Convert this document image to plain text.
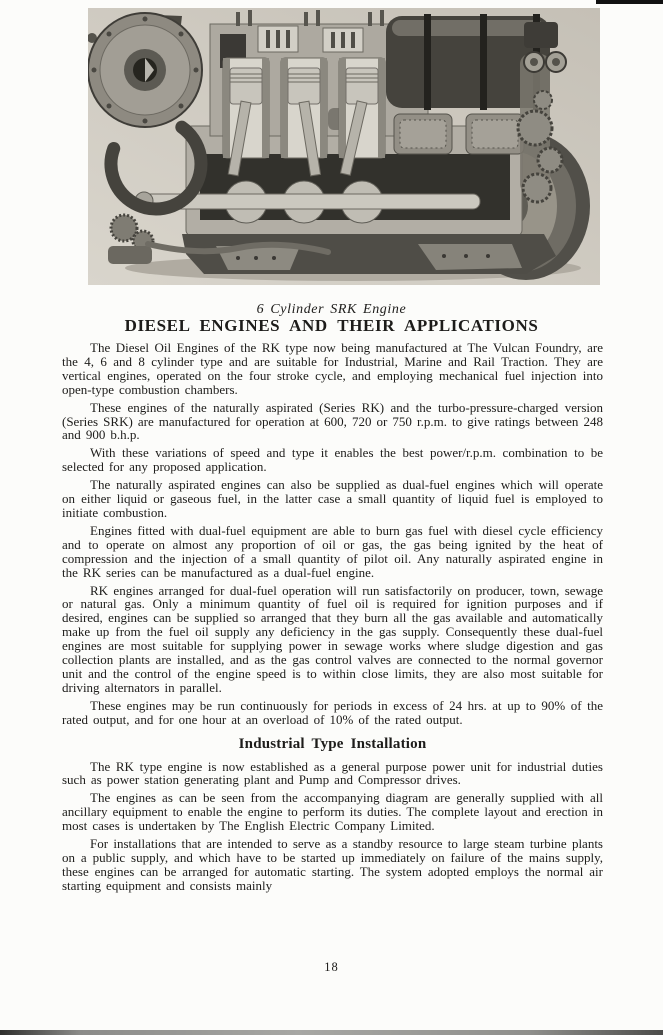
6 Cylinder SRK Engine

DIESEL ENGINES AND THEIR APPLICATIONS

The Diesel Oil Engines of the RK type now being manufactured at The Vulcan Foundry, are the 4, 6 and 8 cylinder type and are suitable for Industrial, Marine and Rail Traction. They are vertical engines, operated on the four stroke cycle, and employing mechanical fuel injection into open-type combustion chambers.

These engines of the naturally aspirated (Series RK) and the turbo-pressure-charged version (Series SRK) are manufactured for operation at 600, 720 or 750 r.p.m. to give ratings between 248 and 900 b.h.p.

With these variations of speed and type it enables the best power/r.p.m. combination to be selected for any proposed application.

The naturally aspirated engines can also be supplied as dual-fuel engines which will operate on either liquid or gaseous fuel, in the latter case a small quantity of liquid fuel is employed to initiate combustion.

Engines fitted with dual-fuel equipment are able to burn gas fuel with diesel cycle efficiency and to operate on almost any proportion of oil or gas, the gas being ignited by the heat of compression and the injection of a small quantity of pilot oil. Any naturally aspirated engine in the RK series can be manufactured as a dual-fuel engine.

RK engines arranged for dual-fuel operation will run satisfactorily on producer, town, sewage or natural gas. Only a minimum quantity of fuel oil is required for ignition purposes and if desired, engines can be supplied so arranged that they burn all the gas available and automatically make up from the fuel oil supply any deficiency in the gas supply. Consequently these dual-fuel engines are most suitable for supplying power in sewage works where sludge digestion and gas collection plants are installed, and as the gas control valves are connected to the normal governor unit and the control of the engine speed is to within close limits, they are also most suitable for driving alternators in parallel.

These engines may be run continuously for periods in excess of 24 hrs. at up to 90% of the rated output, and for one hour at an overload of 10% of the rated output.

Industrial Type Installation

The RK type engine is now established as a general purpose power unit for industrial duties such as power station generating plant and Pump and Compressor drives.

The engines as can be seen from the accompanying diagram are generally supplied with all ancillary equipment to enable the engine to perform its duties. The complete layout and erection in most cases is undertaken by The English Electric Company Limited.

For installations that are intended to serve as a standby resource to large steam turbine plants on a public supply, and which have to be started up immediately on failure of the mains supply, these engines can be arranged for automatic starting. The system adopted employs the normal air starting equipment and consists mainly

18
